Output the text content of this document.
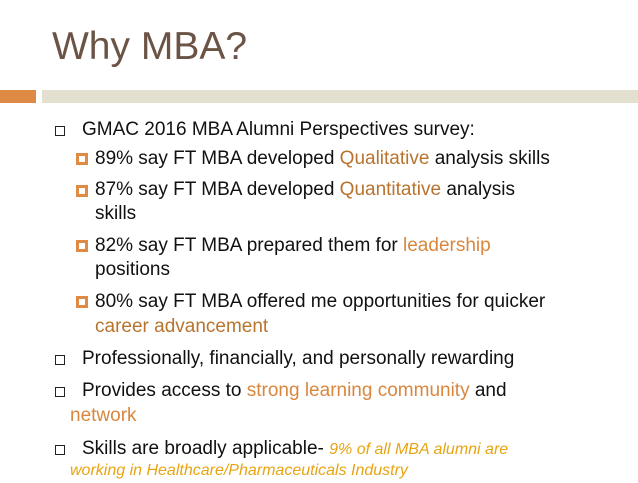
Why MBA?
GMAC 2016 MBA Alumni Perspectives survey:
89% say FT MBA developed Qualitative analysis skills
87% say FT MBA developed Quantitative analysis
skills
82% say FT MBA prepared them for leadership
positions
80% say FT MBA offered me opportunities for quicker
career advancement
Professionally, financially, and personally rewarding
Provides access to strong learning community and
network
Skills are broadly applicable- 9% of all MBA alumni are
working in Healthcare/Pharmaceuticals Industry
